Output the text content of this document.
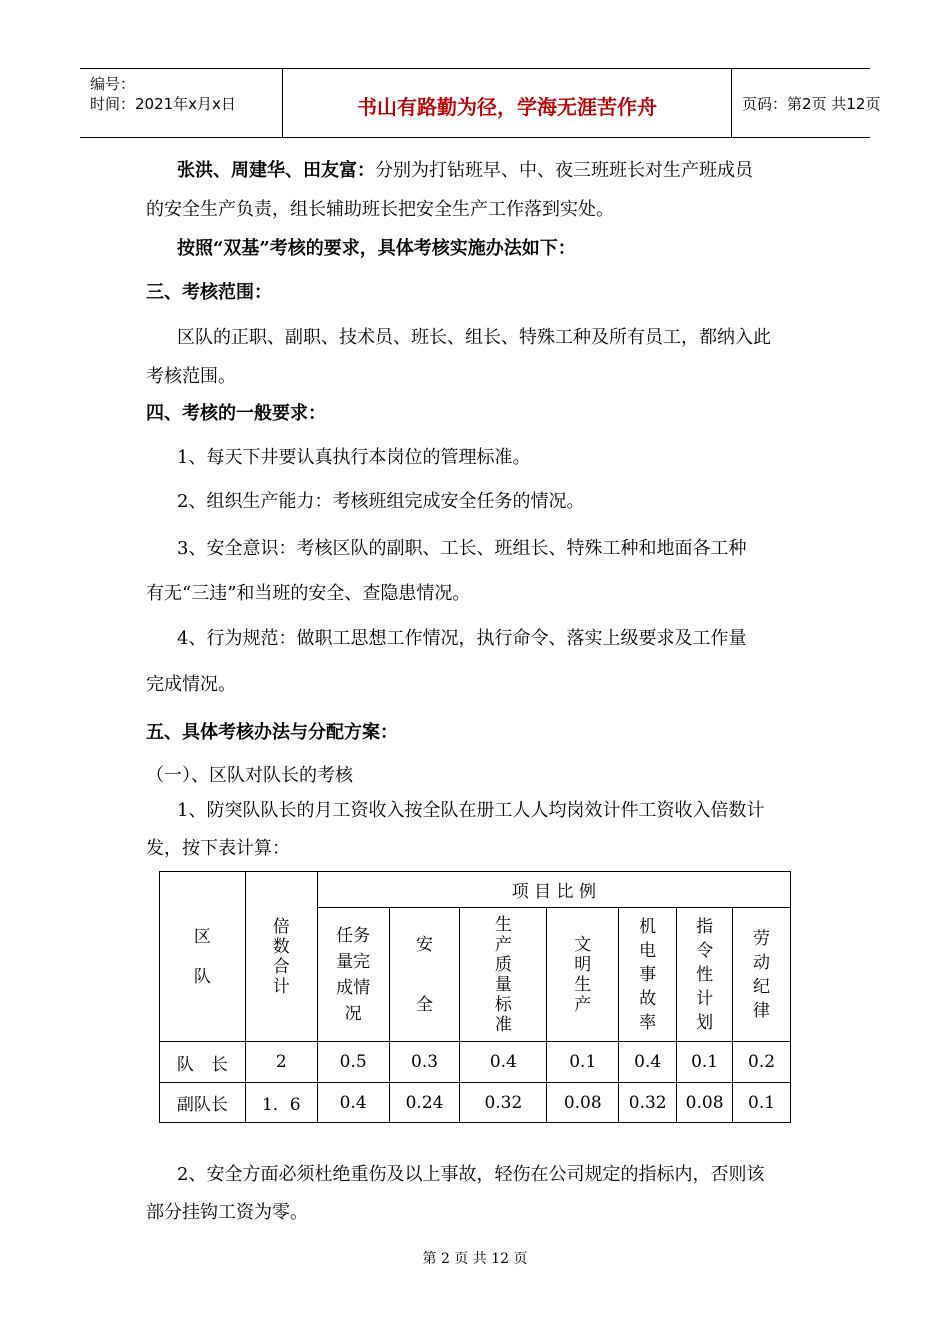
编号：
时间：2021年x月x日	书山有路勤为径，学海无涯苦作舟	页码：第2页 共12页
张洪、周建华、田友富：分别为打钻班早、中、夜三班班长对生产班成员
的安全生产负责，组长辅助班长把安全生产工作落到实处。
按照“双基”考核的要求，具体考核实施办法如下：
三、考核范围：
区队的正职、副职、技术员、班长、组长、特殊工种及所有员工，都纳入此
考核范围。
四、考核的一般要求：
1、每天下井要认真执行本岗位的管理标准。
2、组织生产能力：考核班组完成安全任务的情况。
3、安全意识：考核区队的副职、工长、班组长、特殊工种和地面各工种
有无“三违”和当班的安全、查隐患情况。
4、行为规范：做职工思想工作情况，执行命令、落实上级要求及工作量
完成情况。
五、具体考核办法与分配方案：
（一）、区队对队长的考核
1、防突队队长的月工资收入按全队在册工人人均岗效计件工资收入倍数计
发，按下表计算：
区队	倍数合计	项 目 比 例						
		任务量完成情况	安全	生产质量标准	文明生产	机电事故率	指令性计划	劳动纪律
队　长	2	0.5	0.3	0.4	0.1	0.4	0.1	0.2
副队长	1．6	0.4	0.24	0.32	0.08	0.32	0.08	0.1
2、安全方面必须杜绝重伤及以上事故，轻伤在公司规定的指标内，否则该
部分挂钩工资为零。
第 2 页 共 12 页
